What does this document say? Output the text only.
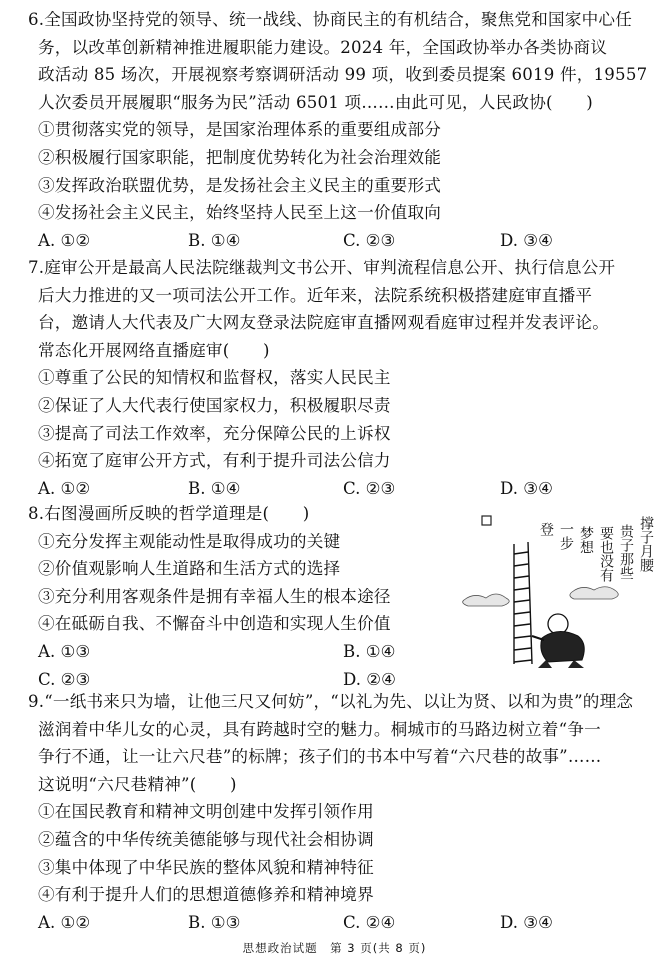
6.全国政协坚持党的领导、统一战线、协商民主的有机结合，聚焦党和国家中心任
务，以改革创新精神推进履职能力建设。2024 年，全国政协举办各类协商议
政活动 85 场次，开展视察考察调研活动 99 项，收到委员提案 6019 件，19557
人次委员开展履职“服务为民”活动 6501 项……由此可见，人民政协(　　)
①贯彻落实党的领导，是国家治理体系的重要组成部分
②积极履行国家职能，把制度优势转化为社会治理效能
③发挥政治联盟优势，是发扬社会主义民主的重要形式
④发扬社会主义民主，始终坚持人民至上这一价值取向
A. ①②	B. ①④	C. ②③	D. ③④
7.庭审公开是最高人民法院继裁判文书公开、审判流程信息公开、执行信息公开
后大力推进的又一项司法公开工作。近年来，法院系统积极搭建庭审直播平
台，邀请人大代表及广大网友登录法院庭审直播网观看庭审过程并发表评论。
常态化开展网络直播庭审(　　)
①尊重了公民的知情权和监督权，落实人民民主
②保证了人大代表行使国家权力，积极履职尽责
③提高了司法工作效率，充分保障公民的上诉权
④拓宽了庭审公开方式，有利于提升司法公信力
A. ①②	B. ①④	C. ②③	D. ③④
8.右图漫画所反映的哲学道理是(　　)
①充分发挥主观能动性是取得成功的关键
②价值观影响人生道路和生活方式的选择
③充分利用客观条件是拥有幸福人生的根本途径
④在砥砺自我、不懈奋斗中创造和实现人生价值
A. ①③	B. ①④
C. ②③	D. ②④
撑子月腰
贵子那些
要也没有
梦想
一步
登
9.“一纸书来只为墙，让他三尺又何妨”，“以礼为先、以让为贤、以和为贵”的理念
滋润着中华儿女的心灵，具有跨越时空的魅力。桐城市的马路边树立着“争一
争行不通，让一让六尺巷”的标牌；孩子们的书本中写着“六尺巷的故事”……
这说明“六尺巷精神”(　　)
①在国民教育和精神文明创建中发挥引领作用
②蕴含的中华传统美德能够与现代社会相协调
③集中体现了中华民族的整体风貌和精神特征
④有利于提升人们的思想道德修养和精神境界
A. ①②	B. ①③	C. ②④	D. ③④
思想政治试题　第 3 页(共 8 页)
